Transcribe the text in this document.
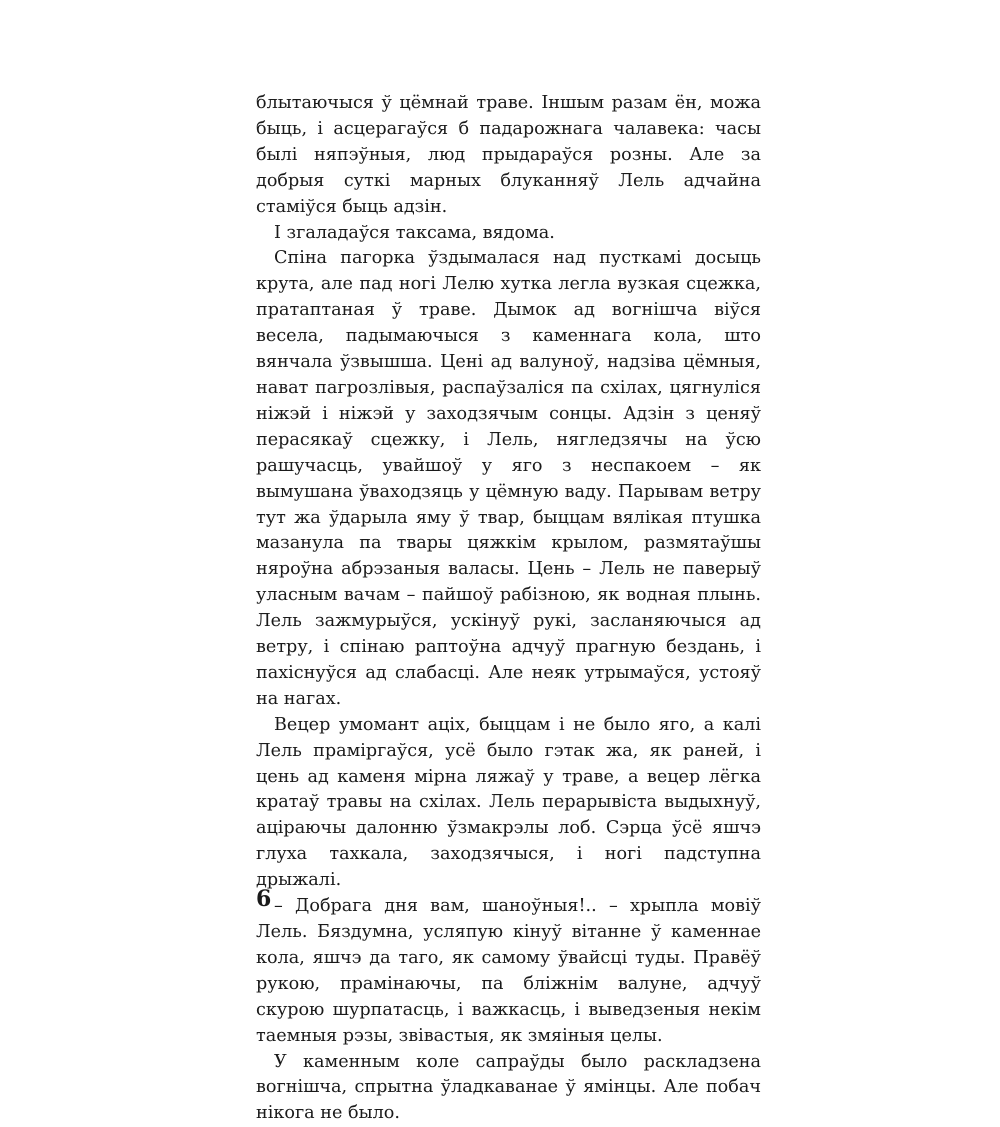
блытаючыся ў цёмнай траве. Іншым разам ён, можа быць, і асцерагаўся б падарожнага чалавека: часы былі няпэўныя, люд прыдараўся розны. Але за добрыя суткі марных блуканняў Лель адчайна стаміўся быць адзін.

І згаладаўся таксама, вядома.

Спіна пагорка ўздымалася над пусткамі досыць крута, але пад ногі Лелю хутка легла вузкая сцежка, пратаптаная ў траве. Дымок ад вогнішча віўся весела, падымаючыся з каменнага кола, што вянчала ўзвышша. Цені ад валуноў, надзіва цёмныя, нават пагрозлівыя, распаўзаліся па схілах, цягнуліся ніжэй і ніжэй у заходзячым сонцы. Адзін з ценяў перасякаў сцежку, і Лель, нягледзячы на ўсю рашучасць, увайшоў у яго з неспакоем – як вымушана ўваходзяць у цёмную ваду. Парывам ветру тут жа ўдарыла яму ў твар, быццам вялікая птушка мазанула па твары цяжкім крылом, размятаўшы няроўна абрэзаныя валасы. Цень – Лель не паверыў уласным вачам – пайшоў рабізною, як водная плынь. Лель зажмурыўся, ускінуў рукі, засланяючыся ад ветру, і спінаю раптоўна адчуў прагную бездань, і пахіснуўся ад слабасці. Але неяк утрымаўся, устояў на нагах.

Вецер умомант аціх, быццам і не было яго, а калі Лель праміргаўся, усё было гэтак жа, як раней, і цень ад каменя мірна ляжаў у траве, а вецер лёгка кратаў травы на схілах. Лель перарывіста выдыхнуў, аціраючы далонню ўзмакрэлы лоб. Сэрца ўсё яшчэ глуха тахкала, заходзячыся, і ногі падступна дрыжалі.

– Добрага дня вам, шаноўныя!.. – хрыпла мовіў Лель. Бяздумна, усляпую кінуў вітанне ў каменнае кола, яшчэ да таго, як самому ўвайсці туды. Правёў рукою, прамінаючы, па бліжнім валуне, адчуў скурою шурпатасць, і важкасць, і выведзеныя некім таемныя рэзы, звівастыя, як змяіныя целы.

У каменным коле сапраўды было раскладзена вогнішча, спрытна ўладкаванае ў ямінцы. Але побач нікога не было.

6
